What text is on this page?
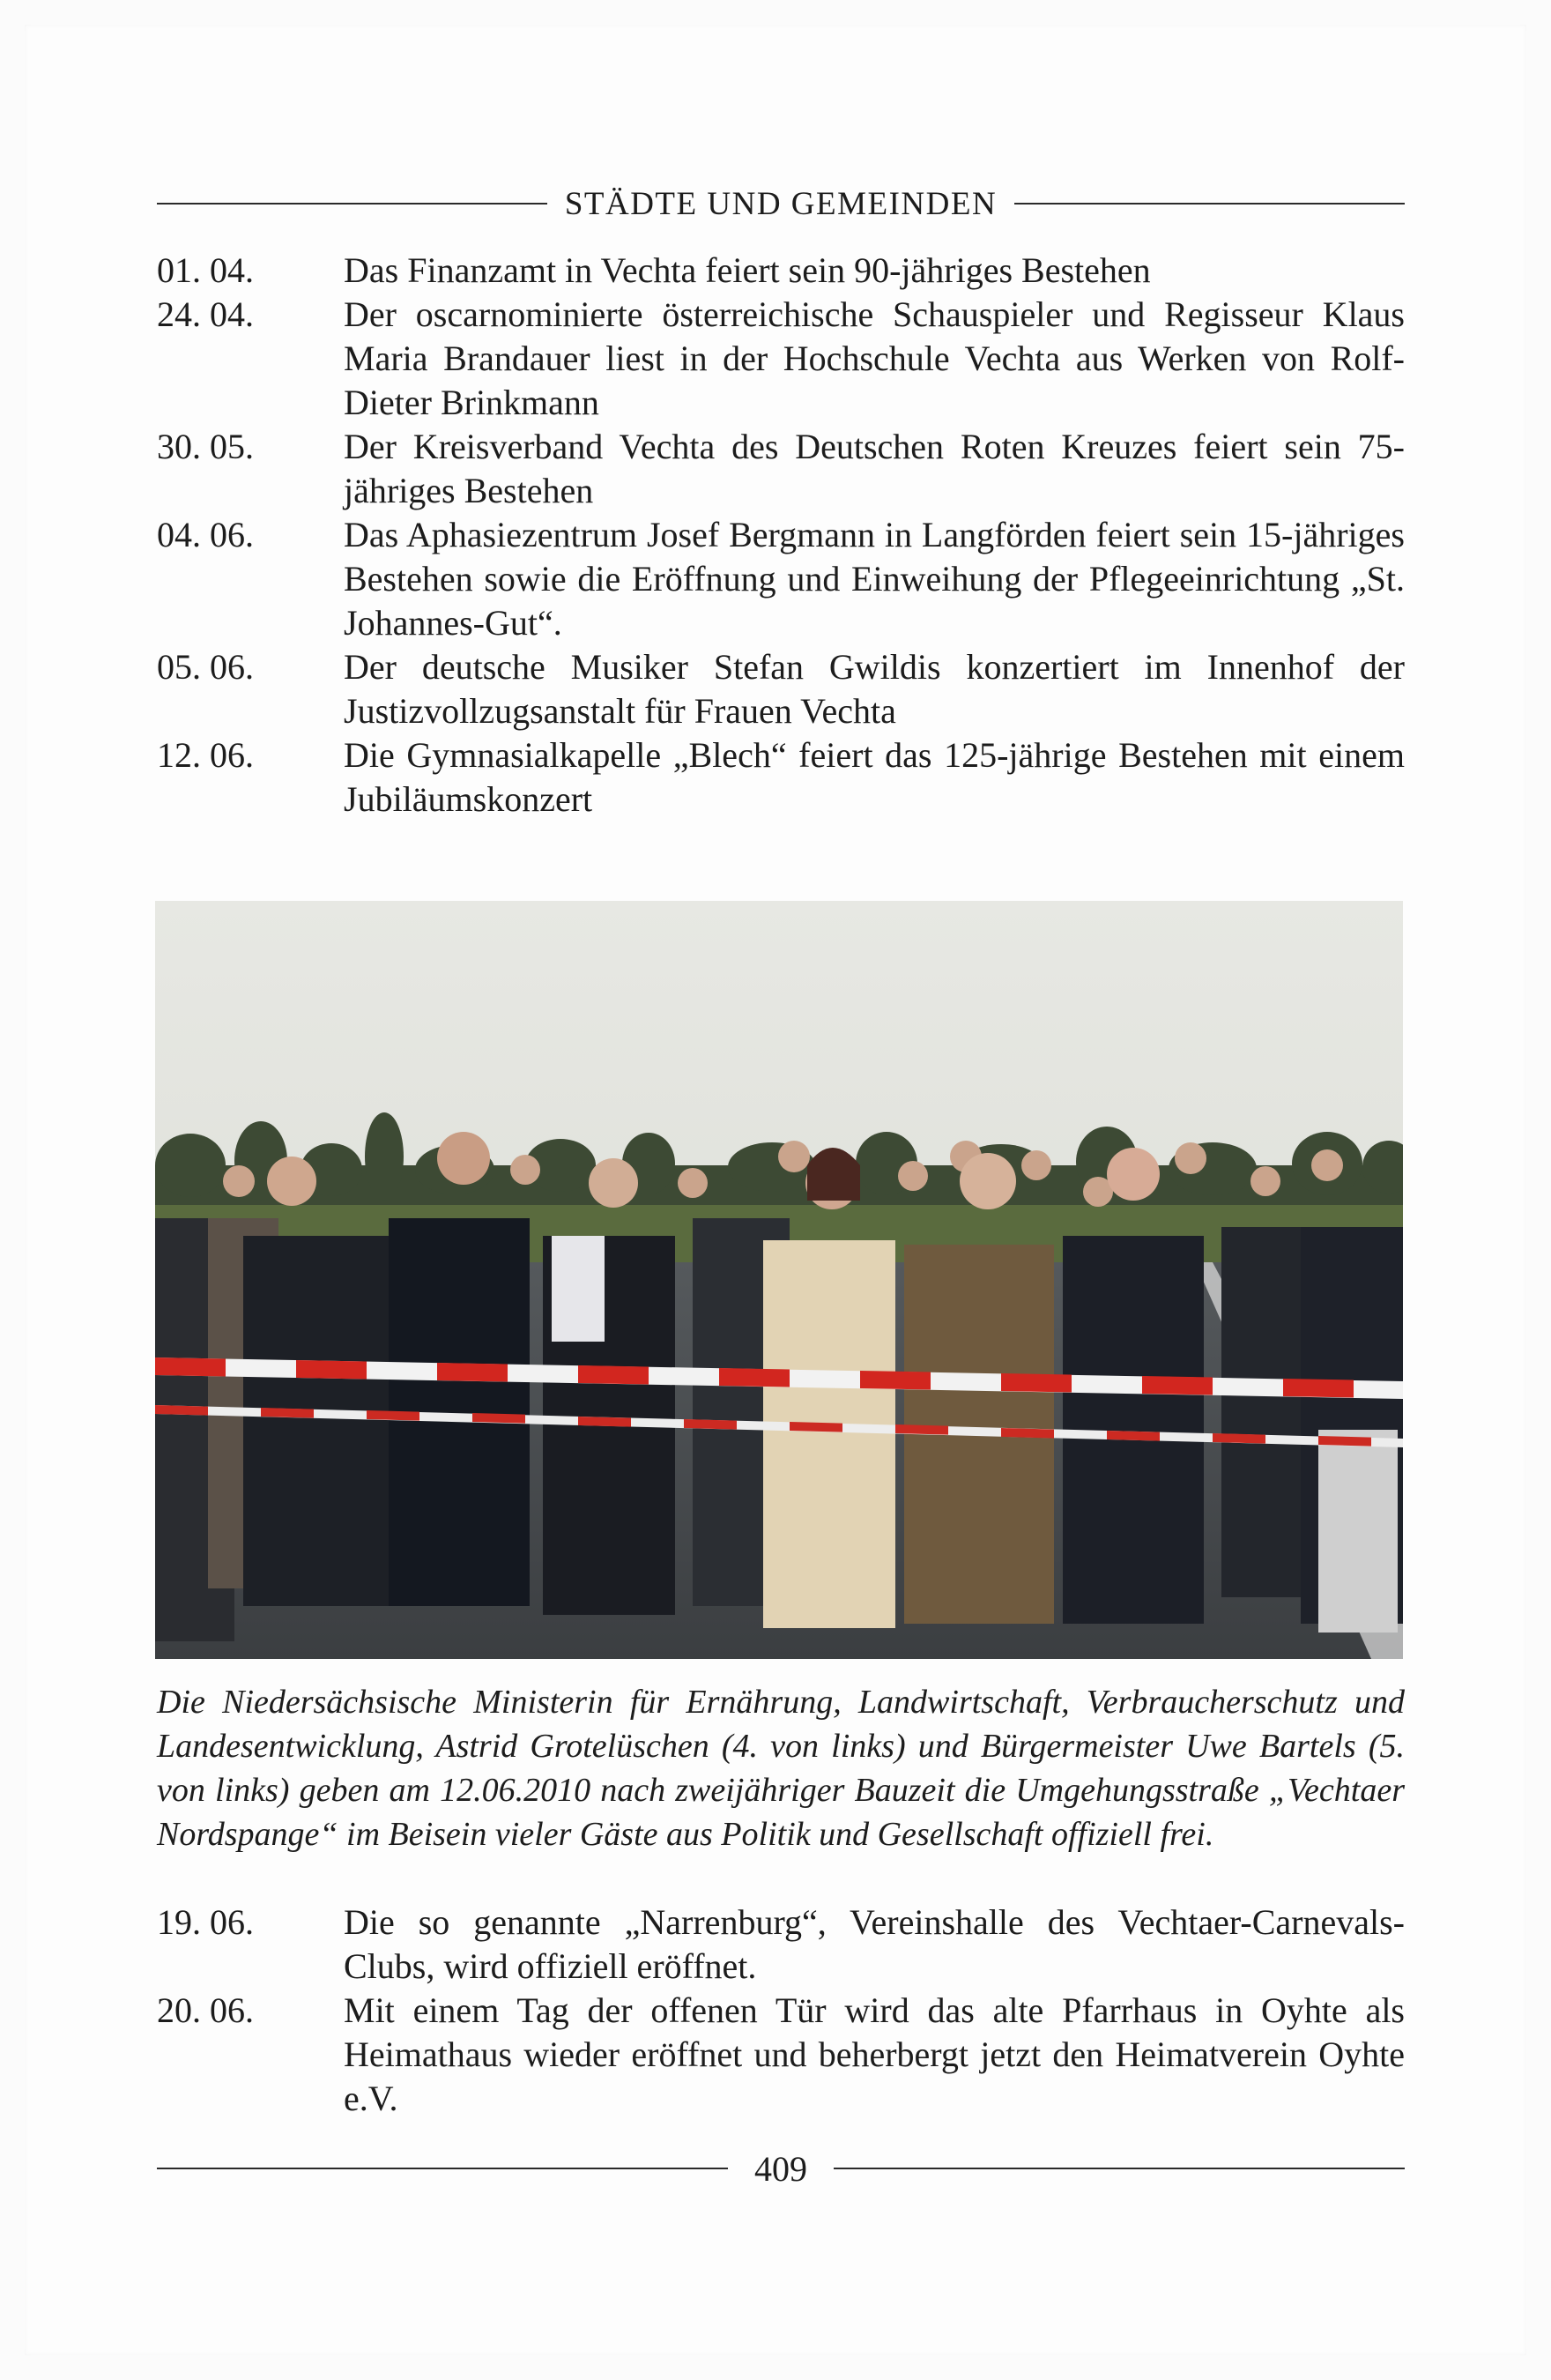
STÄDTE UND GEMEINDEN
01. 04.	Das Finanzamt in Vechta feiert sein 90-jähriges Bestehen
24. 04.	Der oscarnominierte österreichische Schauspieler und Regisseur Klaus Maria Brandauer liest in der Hochschule Vechta aus Werken von Rolf-Dieter Brinkmann
30. 05.	Der Kreisverband Vechta des Deutschen Roten Kreuzes feiert sein 75-jähriges Bestehen
04. 06.	Das Aphasiezentrum Josef Bergmann in Langförden feiert sein 15-jähriges Bestehen sowie die Eröffnung und Einweihung der Pflegeeinrichtung „St. Johannes-Gut“.
05. 06.	Der deutsche Musiker Stefan Gwildis konzertiert im Innenhof der Justizvollzugsanstalt für Frauen Vechta
12. 06.	Die Gymnasialkapelle „Blech“ feiert das 125-jährige Bestehen mit einem Jubiläumskonzert
Die Niedersächsische Ministerin für Ernährung, Landwirtschaft, Verbraucherschutz und Landesentwicklung, Astrid Grotelüschen (4. von links) und Bürgermeister Uwe Bartels (5. von links) geben am 12.06.2010 nach zweijähriger Bauzeit die Umgehungsstraße „Vechtaer Nordspange“ im Beisein vieler Gäste aus Politik und Gesellschaft offiziell frei.
19. 06.	Die so genannte „Narrenburg“, Vereinshalle des Vechtaer-Carnevals-Clubs, wird offiziell eröffnet.
20. 06.	Mit einem Tag der offenen Tür wird das alte Pfarrhaus in Oyhte als Heimathaus wieder eröffnet und beherbergt jetzt den Heimatverein Oyhte e.V.
409
